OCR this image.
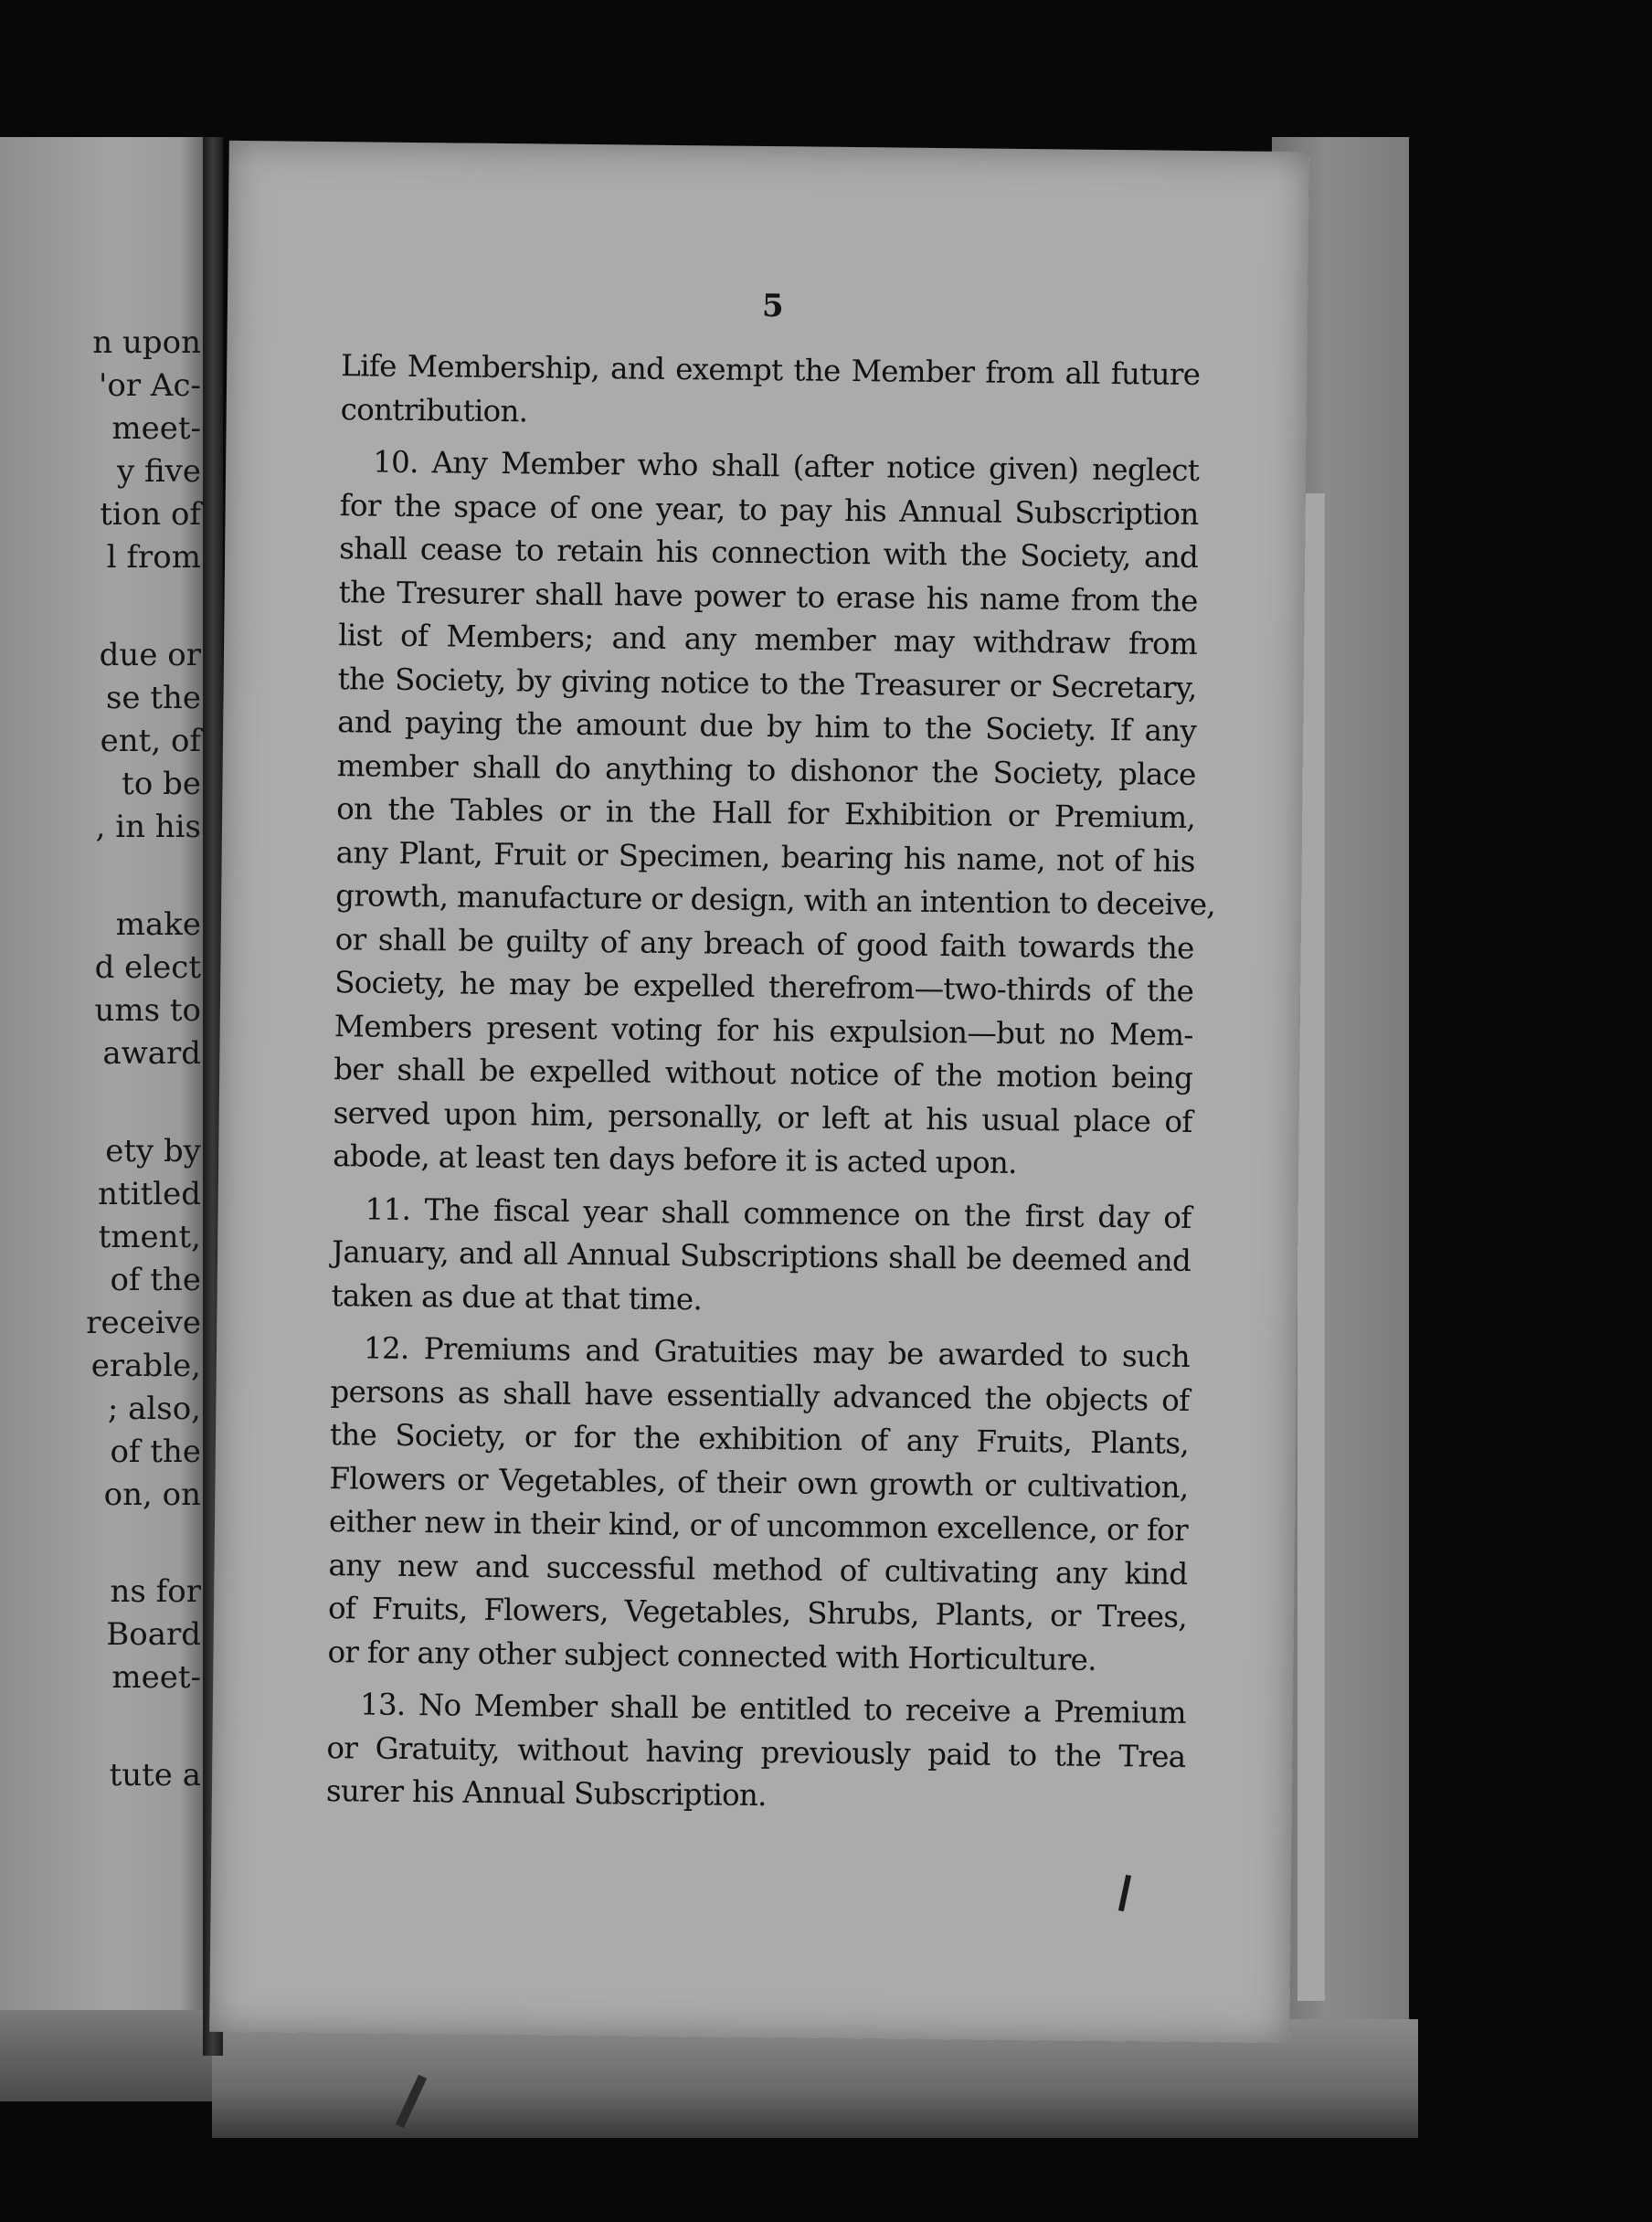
n upon
'or Ac-
meet-
y five
tion of
l from
due or
se the
ent, of
to be
, in his
make
d elect
ums to
award
ety by
ntitled
tment,
of the
receive
erable,
; also,
of the
on, on
ns for
Board
meet-
tute a
5
Life Membership, and exempt the Member from all future
contribution.
10. Any Member who shall (after notice given) neglect
for the space of one year, to pay his Annual Subscription
shall cease to retain his connection with the Society, and
the Tresurer shall have power to erase his name from the
list of Members; and any member may withdraw from
the Society, by giving notice to the Treasurer or Secretary,
and paying the amount due by him to the Society. If any
member shall do anything to dishonor the Society, place
on the Tables or in the Hall for Exhibition or Premium,
any Plant, Fruit or Specimen, bearing his name, not of his
growth, manufacture or design, with an intention to deceive,
or shall be guilty of any breach of good faith towards the
Society, he may be expelled therefrom—two-thirds of the
Members present voting for his expulsion—but no Mem-
ber shall be expelled without notice of the motion being
served upon him, personally, or left at his usual place of
abode, at least ten days before it is acted upon.
11. The fiscal year shall commence on the first day of
January, and all Annual Subscriptions shall be deemed and
taken as due at that time.
12. Premiums and Gratuities may be awarded to such
persons as shall have essentially advanced the objects of
the Society, or for the exhibition of any Fruits, Plants,
Flowers or Vegetables, of their own growth or cultivation,
either new in their kind, or of uncommon excellence, or for
any new and successful method of cultivating any kind
of Fruits, Flowers, Vegetables, Shrubs, Plants, or Trees,
or for any other subject connected with Horticulture.
13. No Member shall be entitled to receive a Premium
or Gratuity, without having previously paid to the Trea
surer his Annual Subscription.
